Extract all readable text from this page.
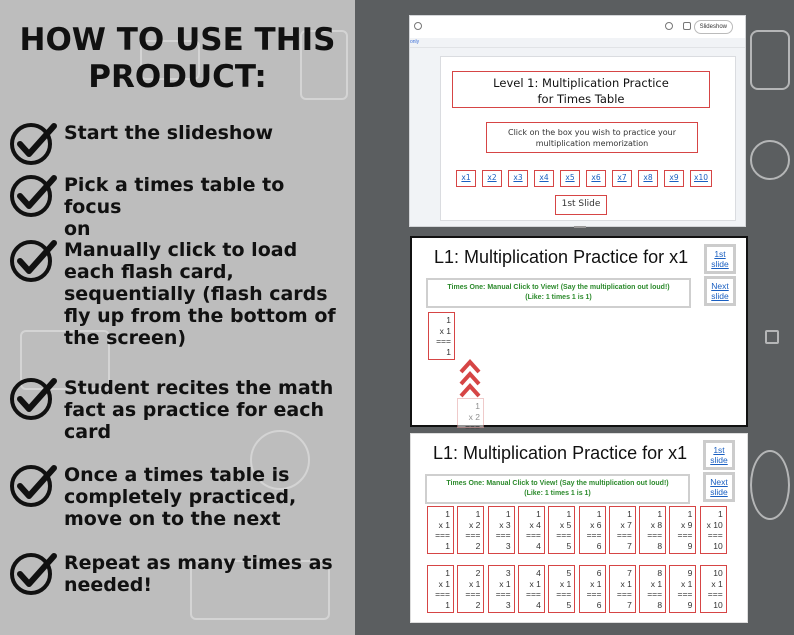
HOW TO USE THIS
PRODUCT:
Start the slideshow
Pick a times table to focus
on
Manually click to load
each flash card,
sequentially (flash cards
fly up from the bottom of
the screen)
Student recites the math
fact as practice for each
card
Once a times table is
completely practiced,
move on to the next
Repeat as many times as
needed!
Slideshow
only
Level 1: Multiplication Practice
for Times Table
Click on the box you wish to practice your
multiplication memorization
x1	x2	x3	x4	x5	x6	x7	x8	x9	x10
1st Slide
L1: Multiplication Practice for x1	1st
slide
Next
slide
Times One: Manual Click to View! (Say the multiplication out loud!)
(Like: 1 times 1 is 1)
1
x 1
===
1
1
x 2
===
L1: Multiplication Practice for x1	1st
slide
Next
slide
Times One: Manual Click to View! (Say the multiplication out loud!)
(Like: 1 times 1 is 1)
1
x 1
===
1
1
x 2
===
2
1
x 3
===
3
1
x 4
===
4
1
x 5
===
5
1
x 6
===
6
1
x 7
===
7
1
x 8
===
8
1
x 9
===
9
1
x 10
===
10
1
x 1
===
1
2
x 1
===
2
3
x 1
===
3
4
x 1
===
4
5
x 1
===
5
6
x 1
===
6
7
x 1
===
7
8
x 1
===
8
9
x 1
===
9
10
x 1
===
10
